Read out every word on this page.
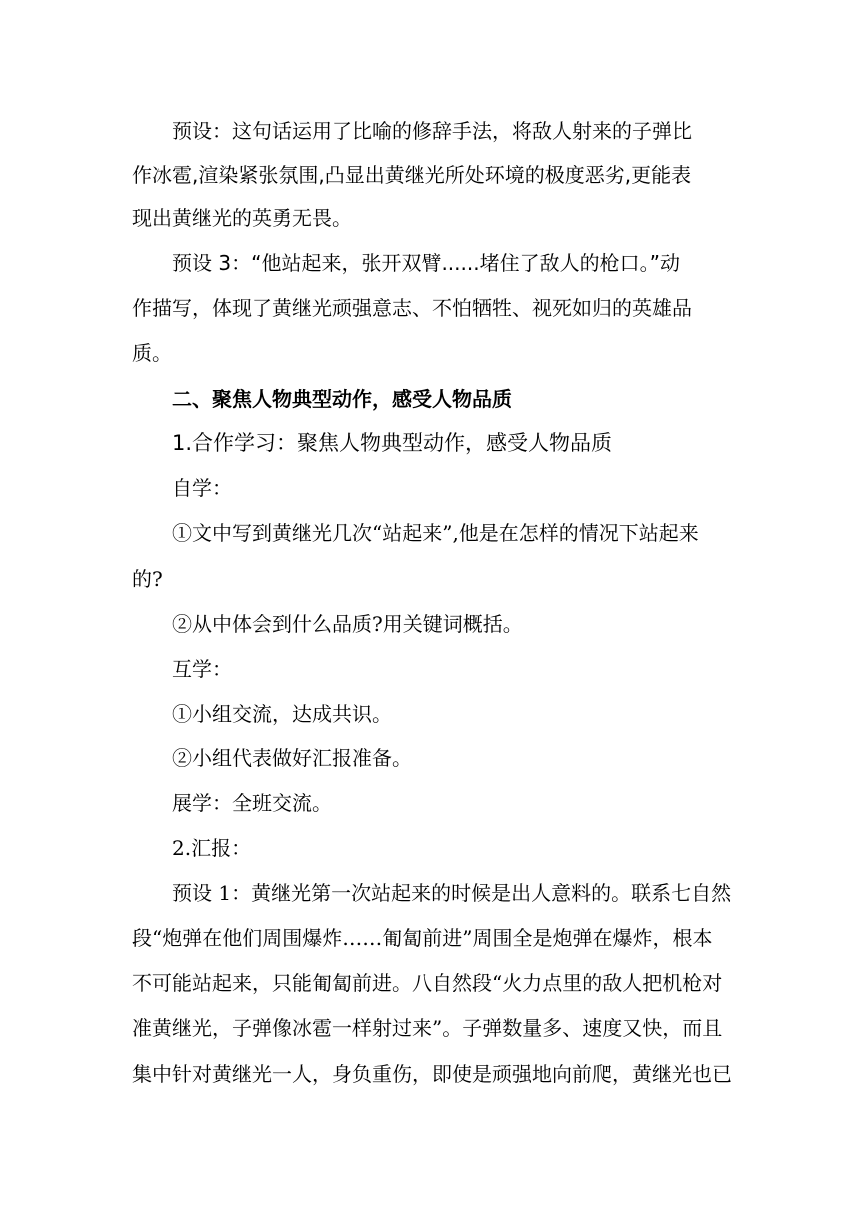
预设：这句话运用了比喻的修辞手法，将敌人射来的子弹比
作冰雹,渲染紧张氛围,凸显出黄继光所处环境的极度恶劣,更能表
现出黄继光的英勇无畏。
预设 3：“他站起来，张开双臂......堵住了敌人的枪口。”动
作描写，体现了黄继光顽强意志、不怕牺牲、视死如归的英雄品
质。
二、聚焦人物典型动作，感受人物品质
1.合作学习：聚焦人物典型动作，感受人物品质
自学：
①文中写到黄继光几次“站起来”,他是在怎样的情况下站起来
的?
②从中体会到什么品质?用关键词概括。
互学：
①小组交流，达成共识。
②小组代表做好汇报准备。
展学：全班交流。
2.汇报：
预设 1：黄继光第一次站起来的时候是出人意料的。联系七自然
段“炮弹在他们周围爆炸……匍匐前进”周围全是炮弹在爆炸，根本
不可能站起来，只能匍匐前进。八自然段“火力点里的敌人把机枪对
准黄继光，子弹像冰雹一样射过来”。子弹数量多、速度又快，而且
集中针对黄继光一人，身负重伤，即使是顽强地向前爬，黄继光也已
